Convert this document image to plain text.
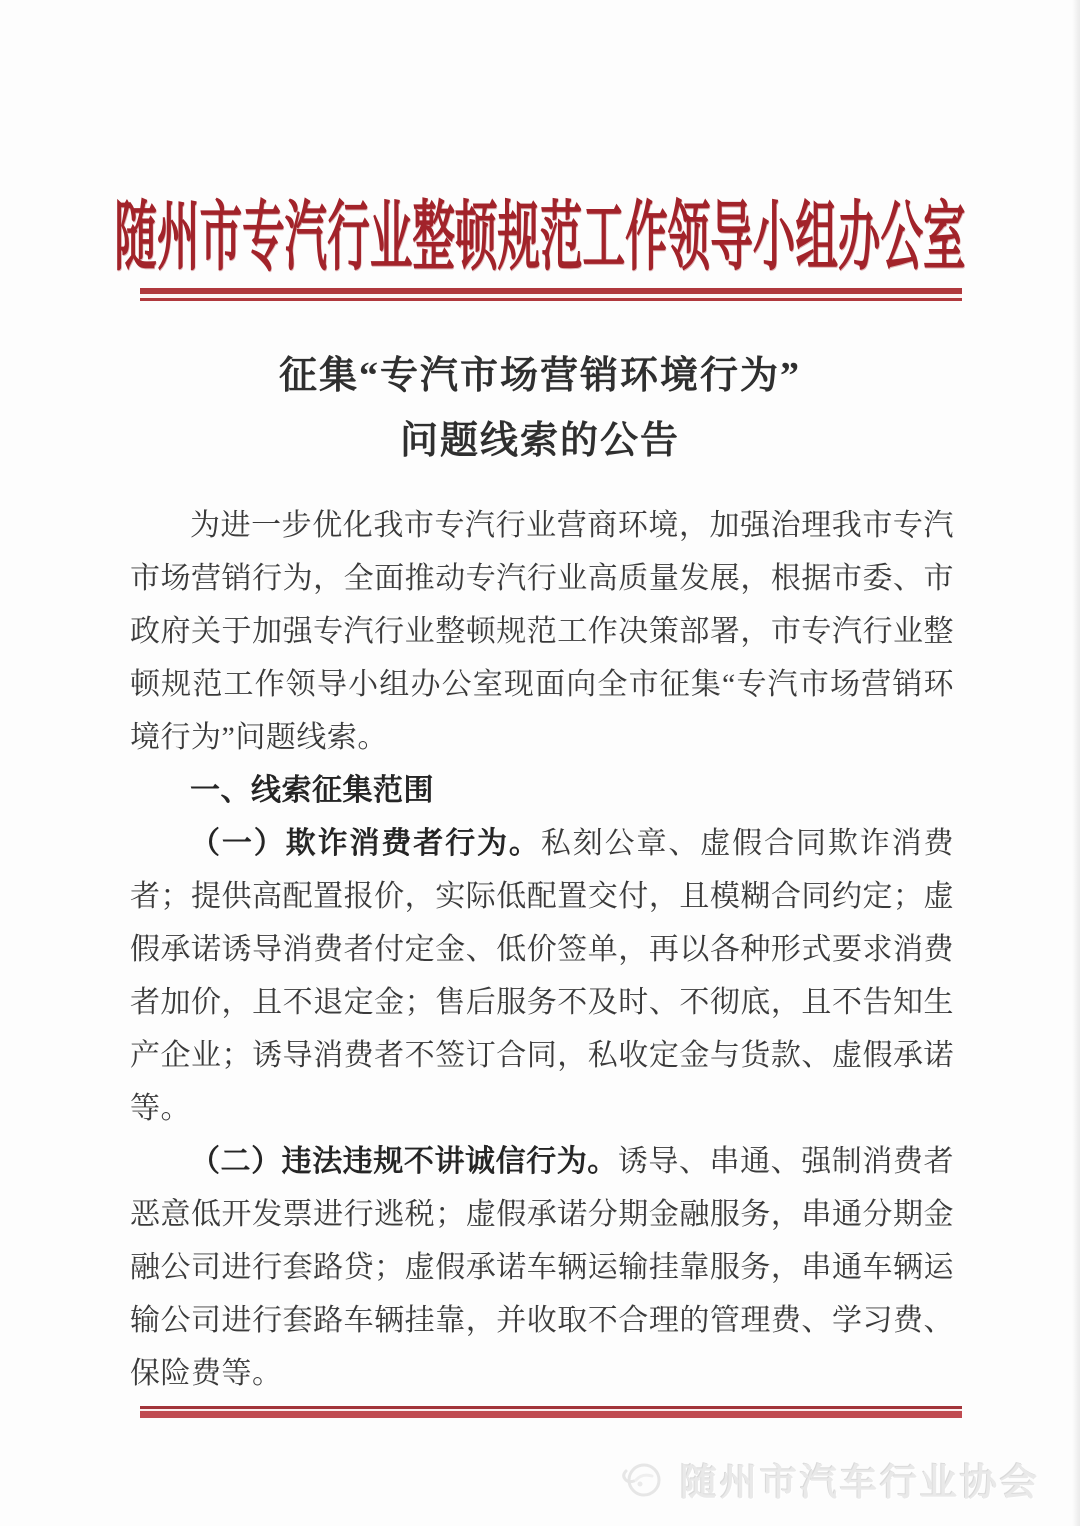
随州市专汽行业整顿规范工作领导小组办公室
征集“专汽市场营销环境行为”
问题线索的公告

为进一步优化我市专汽行业营商环境，加强治理我市专汽市场营销行为，全面推动专汽行业高质量发展，根据市委、市政府关于加强专汽行业整顿规范工作决策部署，市专汽行业整顿规范工作领导小组办公室现面向全市征集“专汽市场营销环境行为”问题线索。

一、线索征集范围

（一）欺诈消费者行为。私刻公章、虚假合同欺诈消费者；提供高配置报价，实际低配置交付，且模糊合同约定；虚假承诺诱导消费者付定金、低价签单，再以各种形式要求消费者加价，且不退定金；售后服务不及时、不彻底，且不告知生产企业；诱导消费者不签订合同，私收定金与货款、虚假承诺等。

（二）违法违规不讲诚信行为。诱导、串通、强制消费者恶意低开发票进行逃税；虚假承诺分期金融服务，串通分期金融公司进行套路贷；虚假承诺车辆运输挂靠服务，串通车辆运输公司进行套路车辆挂靠，并收取不合理的管理费、学习费、保险费等。

随州市汽车行业协会
